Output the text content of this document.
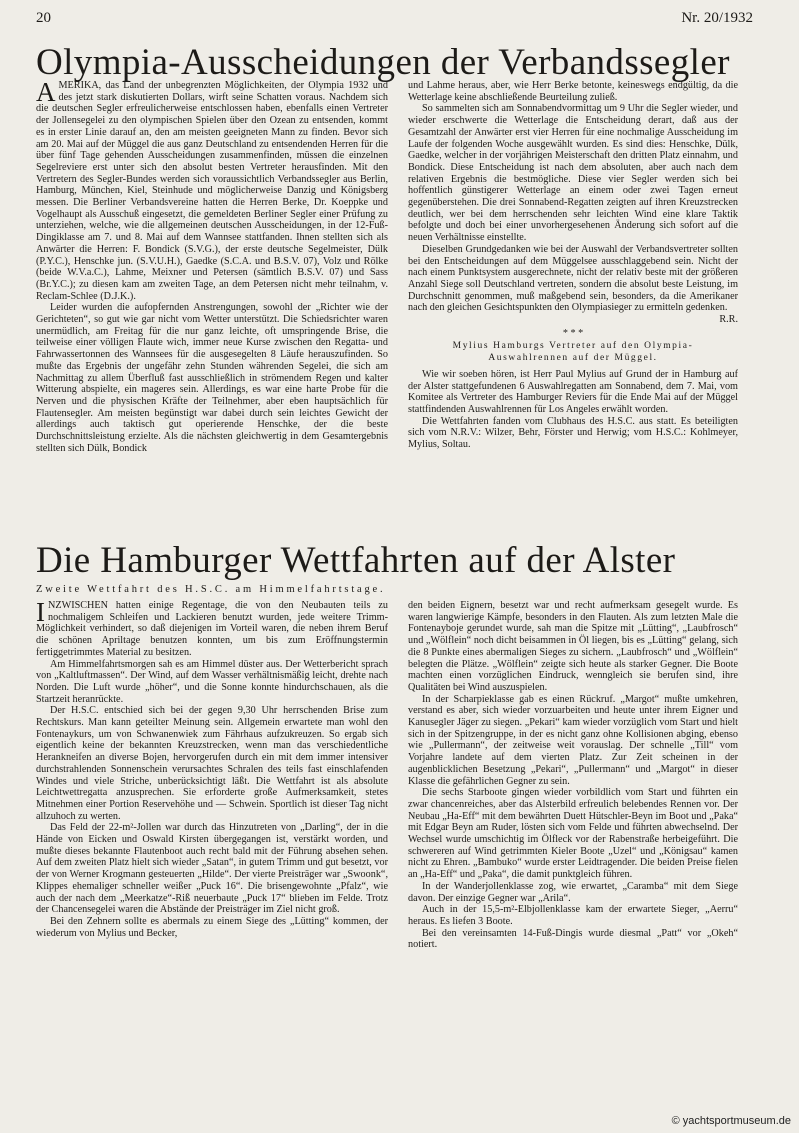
20	Nr. 20/1932
Olympia-Ausscheidungen der Verbandssegler

AMERIKA, das Land der unbegrenzten Möglichkeiten, der Olympia 1932 und des jetzt stark diskutierten Dollars, wirft seine Schatten voraus. Nachdem sich die deutschen Segler erfreulicherweise entschlossen haben, ebenfalls einen Vertreter der Jollensegelei zu den olympischen Spielen über den Ozean zu entsenden, kommt es in erster Linie darauf an, den am meisten geeigneten Mann zu finden. Bevor sich am 20. Mai auf der Müggel die aus ganz Deutschland zu entsendenden Herren für die über fünf Tage gehenden Ausscheidungen zusammenfinden, müssen die einzelnen Segelreviere erst unter sich den absolut besten Vertreter herausfinden. Mit den Vertretern des Segler-Bundes werden sich voraussichtlich Verbandssegler aus Berlin, Hamburg, München, Kiel, Steinhude und möglicherweise Danzig und Königsberg messen. Die Berliner Verbandsvereine hatten die Herren Berke, Dr. Koeppke und Vogelhaupt als Ausschuß eingesetzt, die gemeldeten Berliner Segler einer Prüfung zu unterziehen, welche, wie die allgemeinen deutschen Ausscheidungen, in der 12-Fuß-Dingiklasse am 7. und 8. Mai auf dem Wannsee stattfanden. Ihnen stellten sich als Anwärter die Herren: F. Bondick (S.V.G.), der erste deutsche Segelmeister, Dülk (P.Y.C.), Henschke jun. (S.V.U.H.), Gaedke (S.C.A. und B.S.V. 07), Volz und Rölke (beide W.V.a.C.), Lahme, Meixner und Petersen (sämtlich B.S.V. 07) und Sass (Br.Y.C.); zu diesen kam am zweiten Tage, an dem Petersen nicht mehr teilnahm, v. Reclam-Schlee (D.J.K.).

Leider wurden die aufopfernden Anstrengungen, sowohl der „Richter wie der Gerichteten“, so gut wie gar nicht vom Wetter unterstützt. Die Schiedsrichter waren unermüdlich, am Freitag für die nur ganz leichte, oft umspringende Brise, die teilweise einer völligen Flaute wich, immer neue Kurse zwischen den Regatta- und Fahrwassertonnen des Wannsees für die ausgesegelten 8 Läufe herauszufinden. So mußte das Ergebnis der ungefähr zehn Stunden währenden Segelei, die sich am Nachmittag zu allem Überfluß fast ausschließlich in strömendem Regen und kalter Witterung abspielte, ein mageres sein. Allerdings, es war eine harte Probe für die Nerven und die physischen Kräfte der Teilnehmer, aber eben hauptsächlich für Flautensegler. Am meisten begünstigt war dabei durch sein leichtes Gewicht der allerdings auch taktisch gut operierende Henschke, der die beste Durchschnittsleistung erzielte. Als die nächsten gleichwertig in dem Gesamtergebnis stellten sich Dülk, Bondick

und Lahme heraus, aber, wie Herr Berke betonte, keineswegs endgültig, da die Wetterlage keine abschließende Beurteilung zuließ.

So sammelten sich am Sonnabendvormittag um 9 Uhr die Segler wieder, und wieder erschwerte die Wetterlage die Entscheidung derart, daß aus der Gesamtzahl der Anwärter erst vier Herren für eine nochmalige Ausscheidung im Laufe der folgenden Woche ausgewählt wurden. Es sind dies: Henschke, Dülk, Gaedke, welcher in der vorjährigen Meisterschaft den dritten Platz einnahm, und Bondick. Diese Entscheidung ist nach dem absoluten, aber auch nach dem relativen Ergebnis die bestmögliche. Diese vier Segler werden sich bei hoffentlich günstigerer Wetterlage an einem oder zwei Tagen erneut gegenüberstehen. Die drei Sonnabend-Regatten zeigten auf ihren Kreuzstrecken deutlich, wer bei dem herrschenden sehr leichten Wind eine klare Taktik befolgte und doch bei einer unvorhergesehenen Änderung sich sofort auf die neuen Verhältnisse einstellte.

Dieselben Grundgedanken wie bei der Auswahl der Verbandsvertreter sollten bei den Entscheidungen auf dem Müggelsee ausschlaggebend sein. Nicht der nach einem Punktsystem ausgerechnete, nicht der relativ beste mit der größeren Anzahl Siege soll Deutschland vertreten, sondern die absolut beste Leistung, im Durchschnitt genommen, muß maßgebend sein, besonders, da die Amerikaner nach den gleichen Gesichtspunkten den Olympiasieger zu ermitteln gedenken.

R.R.

* * *

Mylius Hamburgs Vertreter auf den Olympia-Auswahlrennen auf der Müggel.

Wie wir soeben hören, ist Herr Paul Mylius auf Grund der in Hamburg auf der Alster stattgefundenen 6 Auswahlregatten am Sonnabend, dem 7. Mai, vom Komitee als Vertreter des Hamburger Reviers für die Ende Mai auf der Müggel stattfindenden Auswahlrennen für Los Angeles erwählt worden.

Die Wettfahrten fanden vom Clubhaus des H.S.C. aus statt. Es beteiligten sich vom N.R.V.: Wilzer, Behr, Förster und Herwig; vom H.S.C.: Kohlmeyer, Mylius, Soltau.

Die Hamburger Wettfahrten auf der Alster
Zweite Wettfahrt des H.S.C. am Himmelfahrtstage.

INZWISCHEN hatten einige Regentage, die von den Neubauten teils zu nochmaligem Schleifen und Lackieren benutzt wurden, jede weitere Trimm-Möglichkeit verhindert, so daß diejenigen im Vorteil waren, die neben ihrem Beruf die schönen Apriltage benutzen konnten, um bis zum Eröffnungstermin fertiggetrimmtes Material zu besitzen.

Am Himmelfahrtsmorgen sah es am Himmel düster aus. Der Wetterbericht sprach von „Kaltluftmassen“. Der Wind, auf dem Wasser verhältnismäßig leicht, drehte nach Norden. Die Luft wurde „höher“, und die Sonne konnte hindurchschauen, als die Startzeit heranrückte.

Der H.S.C. entschied sich bei der gegen 9,30 Uhr herrschenden Brise zum Rechtskurs. Man kann geteilter Meinung sein. Allgemein erwartete man wohl den Fontenaykurs, um von Schwanenwiek zum Fährhaus aufzukreuzen. So ergab sich eigentlich keine der bekannten Kreuzstrecken, wenn man das verschiedentliche Herankneifen an diverse Bojen, hervorgerufen durch ein mit dem immer intensiver durchstrahlenden Sonnenschein verursachtes Schralen des teils fast einschlafenden Windes und viele Striche, unberücksichtigt läßt. Die Wettfahrt ist als absolute Leichtwettregatta anzusprechen. Sie erforderte große Aufmerksamkeit, stetes Mitnehmen einer Portion Reservehöhe und — Schwein. Sportlich ist dieser Tag nicht allzuhoch zu werten.

Das Feld der 22-m²-Jollen war durch das Hinzutreten von „Darling“, der in die Hände von Eicken und Oswald Kirsten übergegangen ist, verstärkt worden, und mußte dieses bekannte Flautenboot auch recht bald mit der Führung absehen sehen. Auf dem zweiten Platz hielt sich wieder „Satan“, in gutem Trimm und gut besetzt, vor der von Werner Krogmann gesteuerten „Hilde“. Der vierte Preisträger war „Swoonk“, Klippes ehemaliger schneller weißer „Puck 16“. Die brisengewohnte „Pfalz“, wie auch der nach dem „Meerkatze“-Riß neuerbaute „Puck 17“ blieben im Felde. Trotz der Chancensegelei waren die Abstände der Preisträger im Ziel nicht groß.

Bei den Zehnern sollte es abermals zu einem Siege des „Lütting“ kommen, der wiederum von Mylius und Becker,

den beiden Eignern, besetzt war und recht aufmerksam gesegelt wurde. Es waren langwierige Kämpfe, besonders in den Flauten. Als zum letzten Male die Fontenayboje gerundet wurde, sah man die Spitze mit „Lütting“, „Laubfrosch“ und „Wölflein“ noch dicht beisammen in Öl liegen, bis es „Lütting“ gelang, sich die 8 Punkte eines abermaligen Sieges zu sichern. „Laubfrosch“ und „Wölflein“ belegten die Plätze. „Wölflein“ zeigte sich heute als starker Gegner. Die Boote machten einen vorzüglichen Eindruck, wenngleich sie berufen sind, ihre Qualitäten bei Wind auszuspielen.

In der Scharpieklasse gab es einen Rückruf. „Margot“ mußte umkehren, verstand es aber, sich wieder vorzuarbeiten und heute unter ihrem Eigner und Kanusegler Jäger zu siegen. „Pekari“ kam wieder vorzüglich vom Start und hielt sich in der Spitzengruppe, in der es nicht ganz ohne Kollisionen abging, ebenso wie „Pullermann“, der zeitweise weit vorauslag. Der schnelle „Till“ vom Vorjahre landete auf dem vierten Platz. Zur Zeit scheinen in der augenblicklichen Besetzung „Pekari“, „Pullermann“ und „Margot“ in dieser Klasse die gefährlichen Gegner zu sein.

Die sechs Starboote gingen wieder vorbildlich vom Start und führten ein zwar chancenreiches, aber das Alsterbild erfreulich belebendes Rennen vor. Der Neubau „Ha-Eff“ mit dem bewährten Duett Hütschler-Beyn im Boot und „Paka“ mit Edgar Beyn am Ruder, lösten sich vom Felde und führten abwechselnd. Der Wechsel wurde umschichtig im Ölfleck vor der Rabenstraße herbeigeführt. Die schwereren auf Wind getrimmten Kieler Boote „Uzel“ und „Königsau“ kamen nicht zu Ehren. „Bambuko“ wurde erster Leidtragender. Die beiden Preise fielen an „Ha-Eff“ und „Paka“, die damit punktgleich führen.

In der Wanderjollenklasse zog, wie erwartet, „Caramba“ mit dem Siege davon. Der einzige Gegner war „Arila“.

Auch in der 15,5-m²-Elbjollenklasse kam der erwartete Sieger, „Aerru“ heraus. Es liefen 3 Boote.

Bei den vereinsamten 14-Fuß-Dingis wurde diesmal „Patt“ vor „Okeh“ notiert.

© yachtsportmuseum.de
